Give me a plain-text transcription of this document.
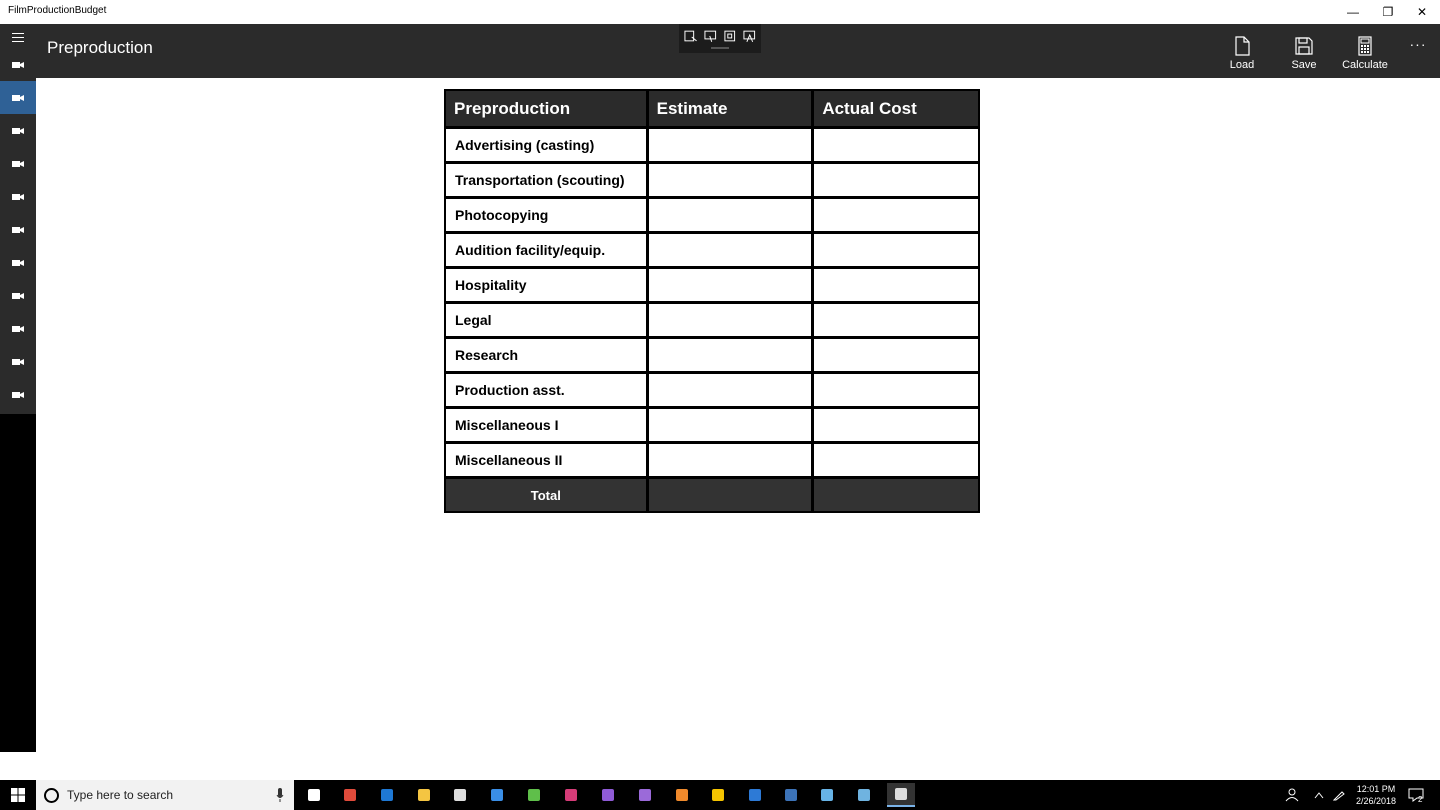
FilmProductionBudget	— ❐ ✕
Preproduction
Load	Save Calculate
···
Preproduction	Estimate	Actual Cost
Advertising (casting)
Transportation (scouting)
Photocopying
Audition facility/equip.
Hospitality
Legal
Research
Production asst.
Miscellaneous I
Miscellaneous II
Total
Type here to search	12:01 PM
2/26/2018	2
